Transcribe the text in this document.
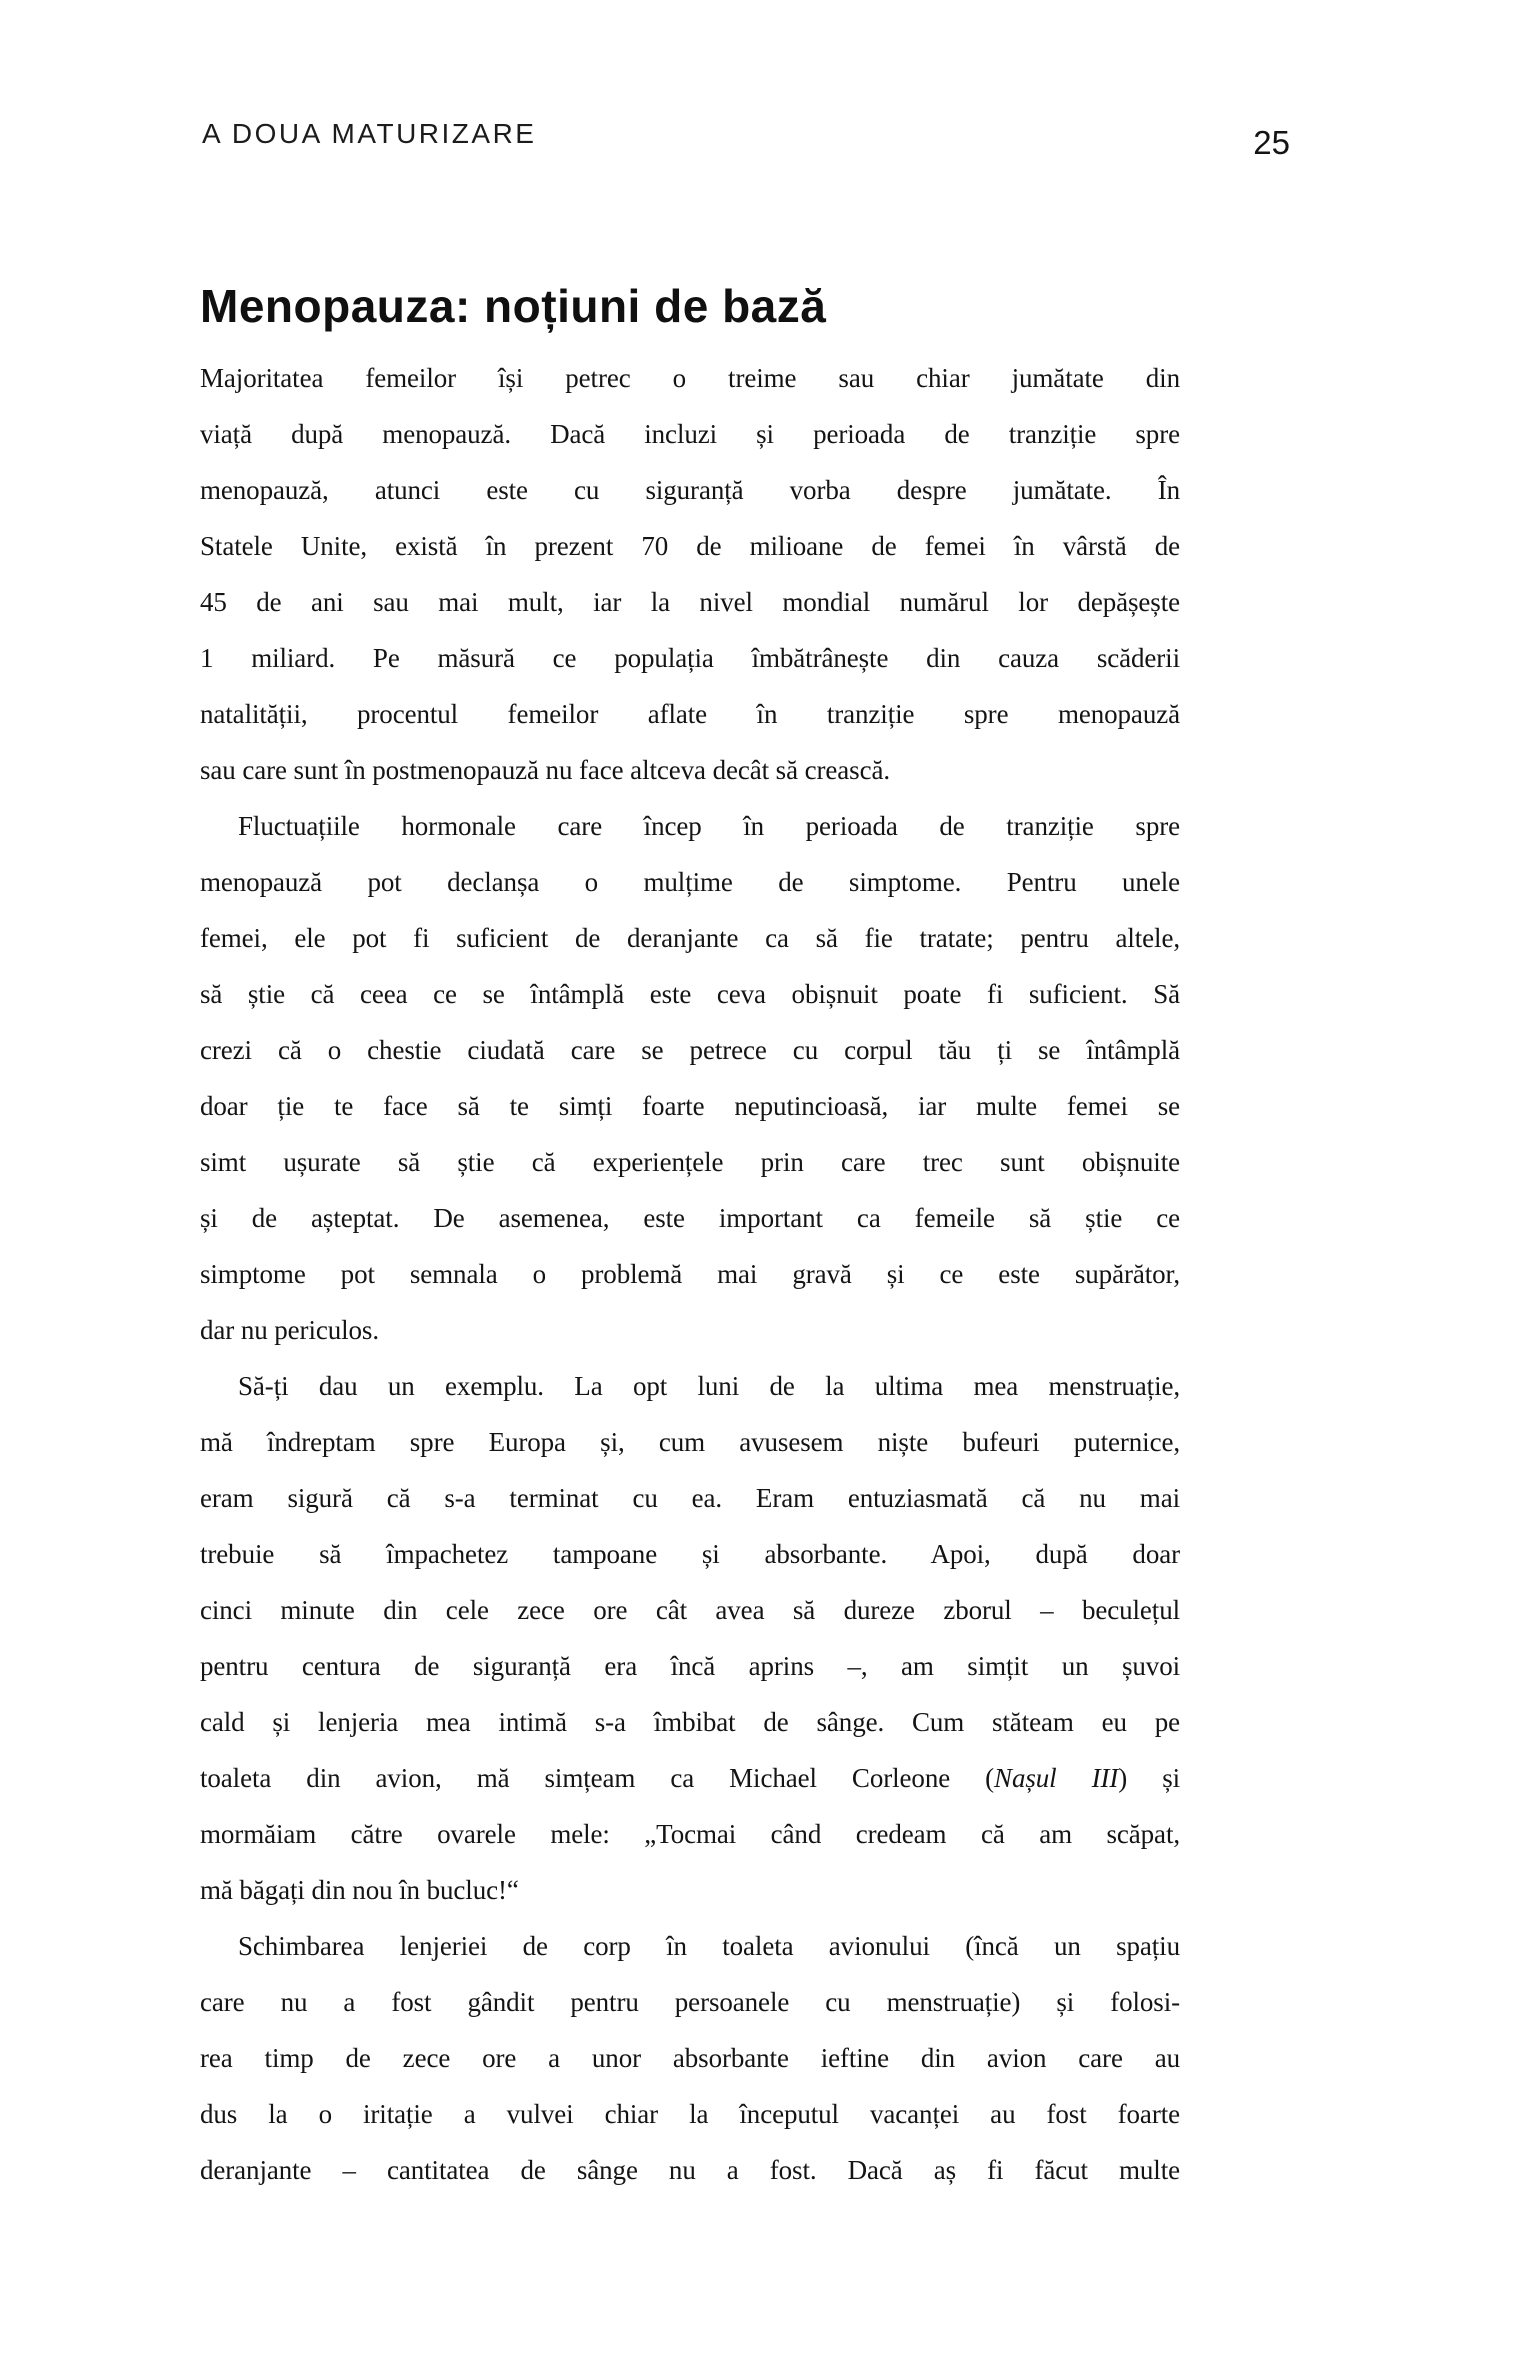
A DOUA MATURIZARE	25
Menopauza: noțiuni de bază
Majoritatea femeilor își petrec o treime sau chiar jumătate din
viață după menopauză. Dacă incluzi și perioada de tranziție spre
menopauză, atunci este cu siguranță vorba despre jumătate. În
Statele Unite, există în prezent 70 de milioane de femei în vârstă de
45 de ani sau mai mult, iar la nivel mondial numărul lor depășește
1 miliard. Pe măsură ce populația îmbătrânește din cauza scăderii
natalității, procentul femeilor aflate în tranziție spre menopauză
sau care sunt în postmenopauză nu face altceva decât să crească.
Fluctuațiile hormonale care încep în perioada de tranziție spre
menopauză pot declanșa o mulțime de simptome. Pentru unele
femei, ele pot fi suficient de deranjante ca să fie tratate; pentru altele,
să știe că ceea ce se întâmplă este ceva obișnuit poate fi suficient. Să
crezi că o chestie ciudată care se petrece cu corpul tău ți se întâmplă
doar ție te face să te simți foarte neputincioasă, iar multe femei se
simt ușurate să știe că experiențele prin care trec sunt obișnuite
și de așteptat. De asemenea, este important ca femeile să știe ce
simptome pot semnala o problemă mai gravă și ce este supărător,
dar nu periculos.
Să-ți dau un exemplu. La opt luni de la ultima mea menstruație,
mă îndreptam spre Europa și, cum avusesem niște bufeuri puternice,
eram sigură că s-a terminat cu ea. Eram entuziasmată că nu mai
trebuie să împachetez tampoane și absorbante. Apoi, după doar
cinci minute din cele zece ore cât avea să dureze zborul – beculețul
pentru centura de siguranță era încă aprins –, am simțit un șuvoi
cald și lenjeria mea intimă s-a îmbibat de sânge. Cum stăteam eu pe
toaleta din avion, mă simțeam ca Michael Corleone (Nașul III) și
mormăiam către ovarele mele: „Tocmai când credeam că am scăpat,
mă băgați din nou în bucluc!“
Schimbarea lenjeriei de corp în toaleta avionului (încă un spațiu
care nu a fost gândit pentru persoanele cu menstruație) și folosi-
rea timp de zece ore a unor absorbante ieftine din avion care au
dus la o iritație a vulvei chiar la începutul vacanței au fost foarte
deranjante – cantitatea de sânge nu a fost. Dacă aș fi făcut multe
